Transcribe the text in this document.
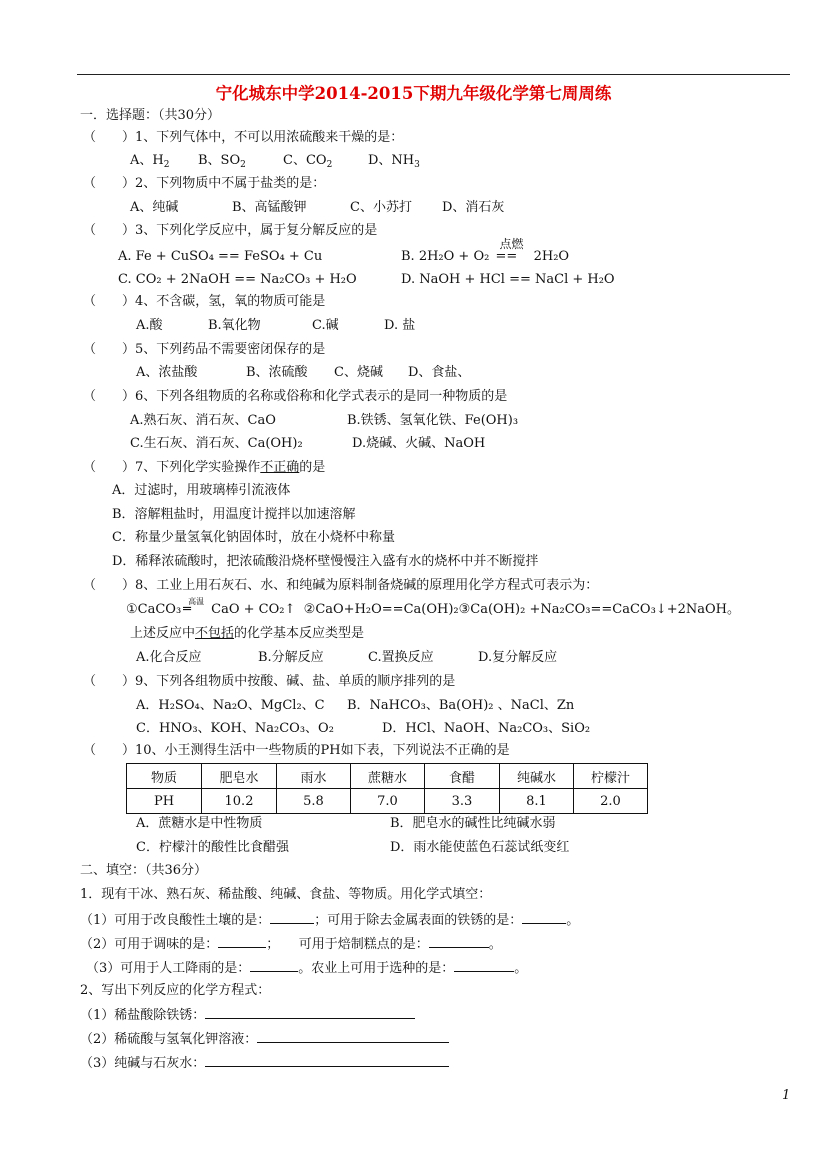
宁化城东中学2014-2015下期九年级化学第七周周练
一．选择题：（共30分）
（　　）1、下列气体中，不可以用浓硫酸来干燥的是：
A、$H_2$ B、$SO_2$	C、$CO_2$	D、$NH_3$
（　　）2、下列物质中不属于盐类的是：
A、纯碱	B、高锰酸钾	C、小苏打 D、消石灰
（　　）3、下列化学反应中，属于复分解反应的是
A. Fe + CuSO₄ == FeSO₄ + Cu	B. 2H₂O + O₂
点燃
== 2H₂O
C. CO₂ + 2NaOH == Na₂CO₃ + H₂O	D. NaOH + HCl == NaCl + H₂O
（　　）4、不含碳，氢，氧的物质可能是
A.酸	B.氧化物	C.碱	D. 盐
（　　）5、下列药品不需要密闭保存的是
A、浓盐酸	B、浓硫酸 C、烧碱 D、食盐、
（　　）6、下列各组物质的名称或俗称和化学式表示的是同一种物质的是
A.熟石灰、消石灰、CaO	B.铁锈、氢氧化铁、Fe(OH)₃
C.生石灰、消石灰、Ca(OH)₂	D.烧碱、火碱、NaOH
（　　）7、下列化学实验操作不正确的是
A．过滤时，用玻璃棒引流液体
B．溶解粗盐时，用温度计搅拌以加速溶解
C．称量少量氢氧化钠固体时，放在小烧杯中称量
D．稀释浓硫酸时，把浓硫酸沿烧杯壁慢慢注入盛有水的烧杯中并不断搅拌
（　　）8、工业上用石灰石、水、和纯碱为原料制备烧碱的原理用化学方程式可表示为：
①CaCO₃
高温
═ CaO + CO₂↑ ②CaO+H₂O==Ca(OH)₂③Ca(OH)₂ +Na₂CO₃==CaCO₃↓+2NaOH。
上述反应中不包括的化学基本反应类型是
A.化合反应	B.分解反应	C.置换反应	D.复分解反应
（　　）9、下列各组物质中按酸、碱、盐、单质的顺序排列的是
A．H₂SO₄、Na₂O、MgCl₂、C B．NaHCO₃、Ba(OH)₂ 、NaCl、Zn
C．HNO₃、KOH、Na₂CO₃、O₂	D．HCl、NaOH、Na₂CO₃、SiO₂
（　　）10、小王测得生活中一些物质的PH如下表，下列说法不正确的是
物质	肥皂水	雨水	蔗糖水	食醋	纯碱水	柠檬汁
PH	10.2	5.8	7.0	3.3	8.1	2.0
A．蔗糖水是中性物质	B．肥皂水的碱性比纯碱水弱
C．柠檬汁的酸性比食醋强	D．雨水能使蓝色石蕊试纸变红
二、填空：（共36分）
1．现有干冰、熟石灰、稀盐酸、纯碱、食盐、等物质。用化学式填空：
（1）可用于改良酸性土壤的是：	；可用于除去金属表面的铁锈的是：	。
（2）可用于调味的是：	；　　可用于焙制糕点的是：	。
（3）可用于人工降雨的是：	。农业上可用于选种的是：	。
2、写出下列反应的化学方程式：
（1）稀盐酸除铁锈：
（2）稀硫酸与氢氧化钾溶液：
（3）纯碱与石灰水：
1
